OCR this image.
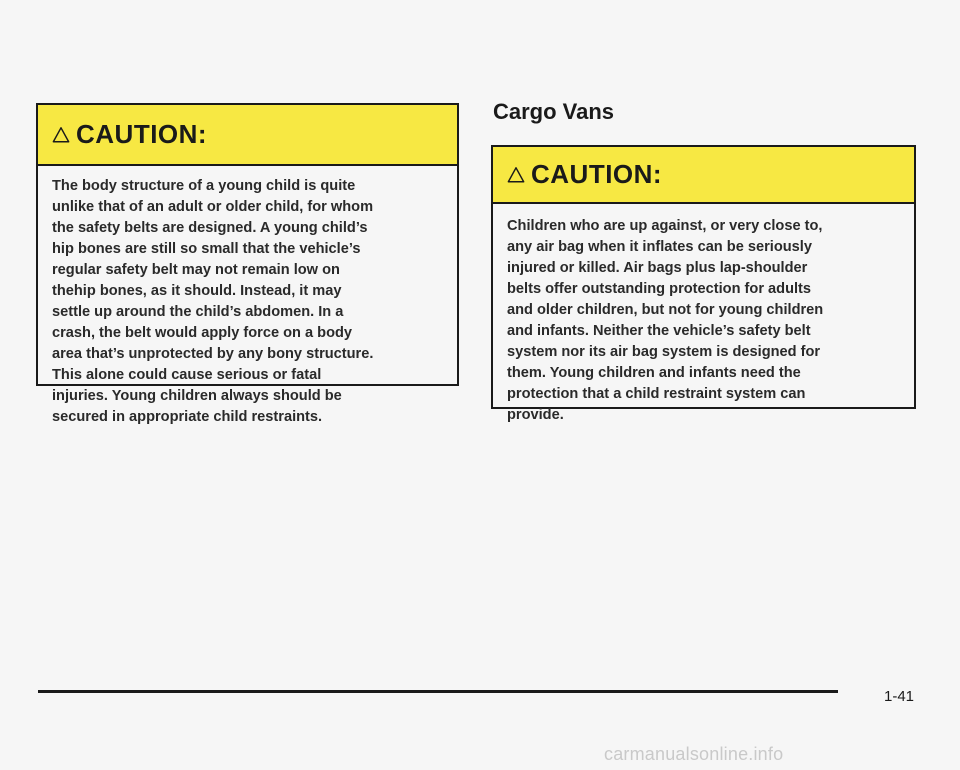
CAUTION:
The body structure of a young child is quite
unlike that of an adult or older child, for whom
the safety belts are designed. A young child’s
hip bones are still so small that the vehicle’s
regular safety belt may not remain low on
thehip bones, as it should. Instead, it may
settle up around the child’s abdomen. In a
crash, the belt would apply force on a body
area that’s unprotected by any bony structure.
This alone could cause serious or fatal
injuries. Young children always should be
secured in appropriate child restraints.
Cargo Vans
CAUTION:
Children who are up against, or very close to,
any air bag when it inflates can be seriously
injured or killed. Air bags plus lap-shoulder
belts offer outstanding protection for adults
and older children, but not for young children
and infants. Neither the vehicle’s safety belt
system nor its air bag system is designed for
them. Young children and infants need the
protection that a child restraint system can
provide.
1-41
carmanualsonline.info
